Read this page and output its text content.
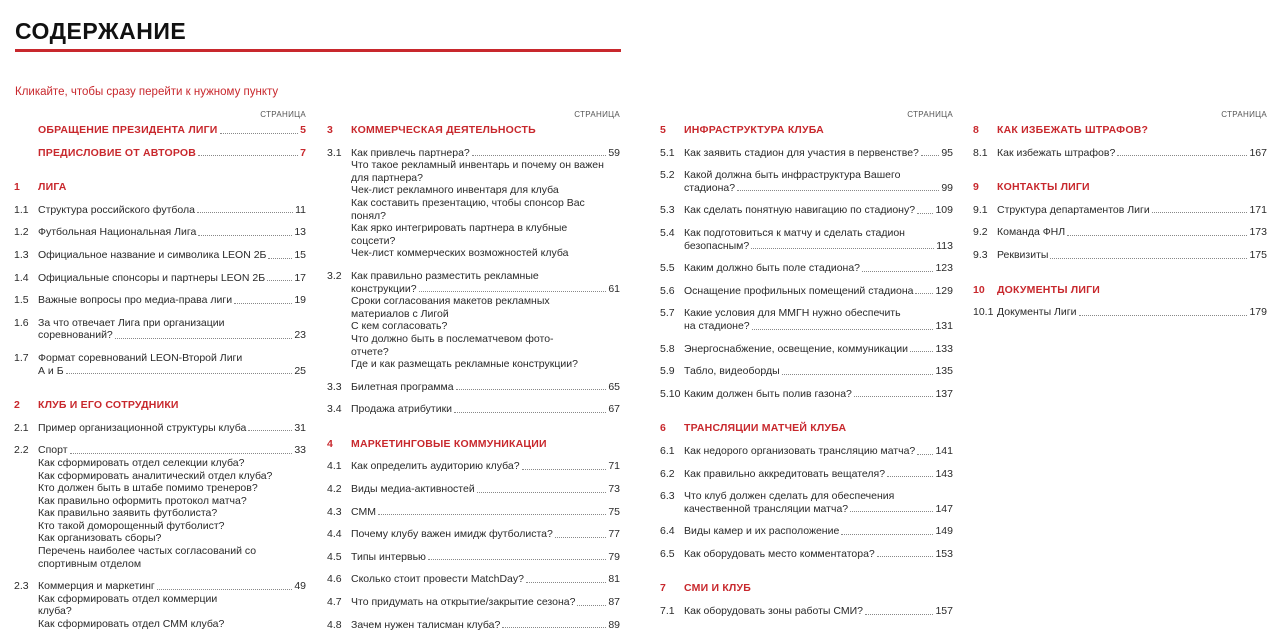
СОДЕРЖАНИЕ
Кликайте, чтобы сразу перейти к нужному пункту
СТРАНИЦА
ОБРАЩЕНИЕ ПРЕЗИДЕНТА ЛИГИ	5
ПРЕДИСЛОВИЕ ОТ АВТОРОВ	7
1	ЛИГА
1.1 Структура российского футбола	11
1.2 Футбольная Национальная Лига	13
1.3 Официальное название и символика LEON 2Б	15
1.4 Официальные спонсоры и партнеры LEON 2Б	17
1.5 Важные вопросы про медиа-права лиги	19
1.6 За что отвечает Лига при организации
соревнований?	23
1.7 Формат соревнований LEON-Второй Лиги
А и Б	25
2	КЛУБ И ЕГО СОТРУДНИКИ
2.1 Пример организационной структуры клуба	31
2.2 Спорт	33
Как сформировать отдел селекции клуба?
Как сформировать аналитический отдел клуба?
Кто должен быть в штабе помимо тренеров?
Как правильно оформить протокол матча?
Как правильно заявить футболиста?
Кто такой доморощенный футболист?
Как организовать сборы?
Перечень наиболее частых согласований со
спортивным отделом
2.3 Коммерция и маркетинг	49
Как сформировать отдел коммерции
клуба?
Как сформировать отдел СММ клуба?
СТРАНИЦА
3	КОММЕРЧЕСКАЯ ДЕЯТЕЛЬНОСТЬ
3.1 Как привлечь партнера?	59
Что такое рекламный инвентарь и почему он важен
для партнера?
Чек-лист рекламного инвентаря для клуба
Как составить презентацию, чтобы спонсор Вас
понял?
Как ярко интегрировать партнера в клубные
соцсети?
Чек-лист коммерческих возможностей клуба
3.2 Как правильно разместить рекламные
конструкции?	61
Сроки согласования макетов рекламных
материалов с Лигой
С кем согласовать?
Что должно быть в послематчевом фото-
отчете?
Где и как размещать рекламные конструкции?
3.3 Билетная программа	65
3.4 Продажа атрибутики	67
4	МАРКЕТИНГОВЫЕ КОММУНИКАЦИИ
4.1 Как определить аудиторию клуба?	71
4.2 Виды медиа-активностей	73
4.3 СММ	75
4.4 Почему клубу важен имидж футболиста?	77
4.5 Типы интервью	79
4.6 Сколько стоит провести MatchDay?	81
4.7 Что придумать на открытие/закрытие сезона?	87
4.8 Зачем нужен талисман клуба?	89
СТРАНИЦА
5	ИНФРАСТРУКТУРА КЛУБА
5.1 Как заявить стадион для участия в первенстве? 95
5.2 Какой должна быть инфраструктура Вашего
стадиона?	99
5.3 Как сделать понятную навигацию по стадиону? 109
5.4 Как подготовиться к матчу и сделать стадион
безопасным?	113
5.5 Каким должно быть поле стадиона?	123
5.6 Оснащение профильных помещений стадиона 129
5.7 Какие условия для ММГН нужно обеспечить
на стадионе?	131
5.8 Энергоснабжение, освещение, коммуникации	133
5.9 Табло, видеоборды	135
5.10 Каким должен быть полив газона?	137
6	ТРАНСЛЯЦИИ МАТЧЕЙ КЛУБА
6.1 Как недорого организовать трансляцию матча? 141
6.2 Как правильно аккредитовать вещателя?	143
6.3 Что клуб должен сделать для обеспечения
качественной трансляции матча?	147
6.4 Виды камер и их расположение	149
6.5 Как оборудовать место комментатора?	153
7	СМИ И КЛУБ
7.1 Как оборудовать зоны работы СМИ?	157
СТРАНИЦА
8	КАК ИЗБЕЖАТЬ ШТРАФОВ?
8.1 Как избежать штрафов?	167
9	КОНТАКТЫ ЛИГИ
9.1 Структура департаментов Лиги	171
9.2 Команда ФНЛ	173
9.3 Реквизиты	175
10	ДОКУМЕНТЫ ЛИГИ
10.1 Документы Лиги	179
